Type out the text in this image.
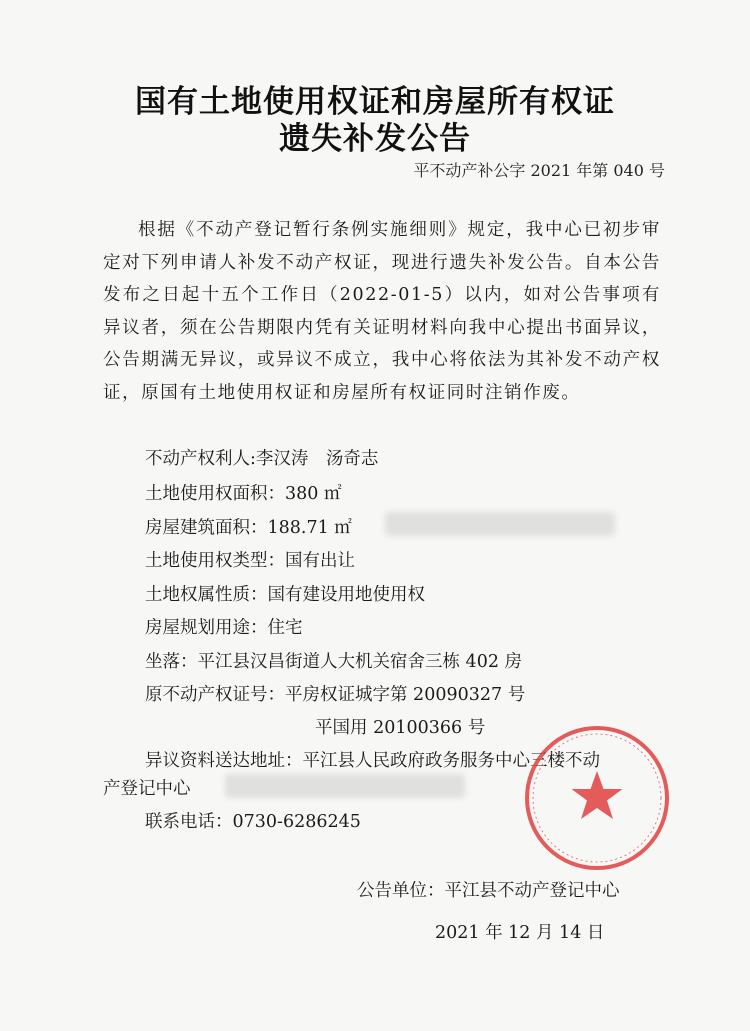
国有土地使用权证和房屋所有权证
遗失补发公告
平不动产补公字 2021 年第 040 号
根据《不动产登记暂行条例实施细则》规定，我中心已初步审定对下列申请人补发不动产权证，现进行遗失补发公告。自本公告发布之日起十五个工作日（2022-01-5）以内，如对公告事项有异议者，须在公告期限内凭有关证明材料向我中心提出书面异议，公告期满无异议，或异议不成立，我中心将依法为其补发不动产权证，原国有土地使用权证和房屋所有权证同时注销作废。
不动产权利人:李汉涛　汤奇志
土地使用权面积：380 ㎡
房屋建筑面积：188.71 ㎡
土地使用权类型：国有出让
土地权属性质：国有建设用地使用权
房屋规划用途：住宅
坐落：平江县汉昌街道人大机关宿舍三栋 402 房
原不动产权证号：平房权证城字第 20090327 号
平国用 20100366 号
异议资料送达地址：平江县人民政府政务服务中心三楼不动
产登记中心
联系电话：0730-6286245
公告单位：平江县不动产登记中心
2021 年 12 月 14 日
